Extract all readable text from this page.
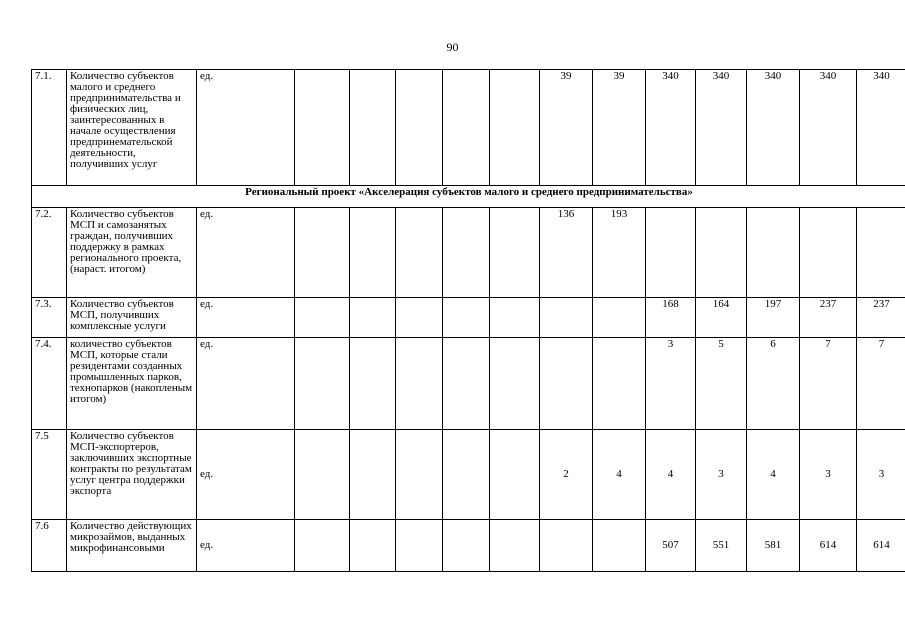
90
7.1.	Количество субъектов малого и среднего предпринимательства и физических лиц, заинтересованных в начале осуществления предпринемательской деятельности, получивших услуг	ед.						39	39	340	340	340	340	340
Региональный проект «Акселерация субъектов малого и среднего предпринимательства»														
7.2.	Количество субъектов МСП и самозанятых граждан, получивших поддержку в рамках регионального проекта, (нараст. итогом)	ед.						136	193					
7.3.	Количество субъектов МСП, получивших комплексные услуги	ед.								168	164	197	237	237
7.4.	количество субъектов МСП, которые стали резидентами созданных промышленных парков, технопарков (накопленым итогом)	ед.								3	5	6	7	7
7.5	Количество субъектов МСП-экспортеров, заключивших экспортные контракты по результатам услуг центра поддержки экспорта	ед.						2	4	4	3	4	3	3
7.6	Количество действующих микрозаймов, выданных микрофинансовыми	ед.								507	551	581	614	614
